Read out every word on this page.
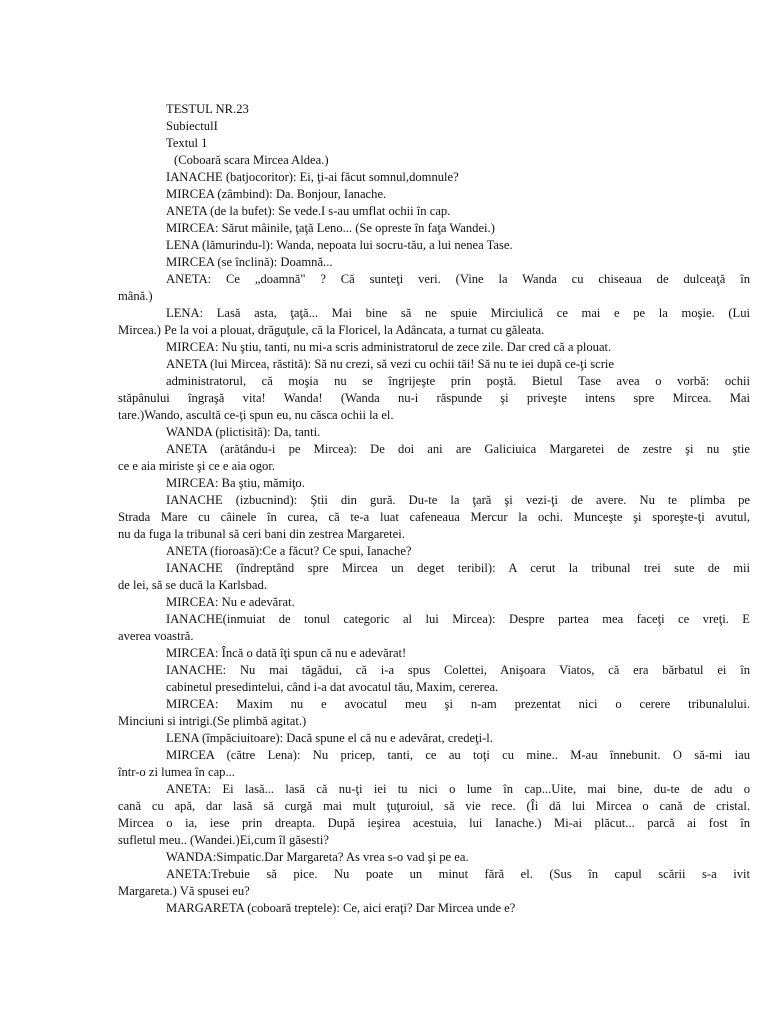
TESTUL NR.23
SubiectulI
Textul 1
(Coboară scara Mircea Aldea.)
IANACHE (batjocoritor): Ei, ţi-ai făcut somnul,domnule?
MIRCEA (zâmbind): Da. Bonjour, Ianache.
ANETA (de la bufet): Se vede.I s-au umflat ochii în cap.
MIRCEA: Sărut mâinile, ţaţă Leno... (Se opreste în faţa Wandei.)
LENA (lămurindu-l): Wanda, nepoata lui socru-tău, a lui nenea Tase.
MIRCEA (se înclină): Doamnă...
ANETA: Ce „doamnă" ? Că sunteţi veri. (Vine la Wanda cu chiseaua de dulceaţă în
mână.)
LENA: Lasă asta, ţaţă... Mai bine să ne spuie Mirciulică ce mai e pe la moşie. (Lui
Mircea.) Pe la voi a plouat, drăguţule, că la Floricel, la Adâncata, a turnat cu găleata.
MIRCEA: Nu ştiu, tanti, nu mi-a scris administratorul de zece zile. Dar cred că a plouat.
ANETA (lui Mircea, răstită): Să nu crezi, să vezi cu ochii tăi! Să nu te iei după ce-ţi scrie
administratorul, că moşia nu se îngrijeşte prin poştă. Bietul Tase avea o vorbă: ochii
stăpânului îngraşă vita! Wanda! (Wanda nu-i răspunde şi priveşte intens spre Mircea. Mai
tare.)Wando, ascultă ce-ţi spun eu, nu căsca ochii la el.
WANDA (plictisită): Da, tanti.
ANETA (arătându-i pe Mircea): De doi ani are Galiciuica Margaretei de zestre şi nu ştie
ce e aia miriste şi ce e aia ogor.
MIRCEA: Ba ştiu, mămiţo.
IANACHE (izbucnind): Ştii din gură. Du-te la ţară şi vezi-ţi de avere. Nu te plimba pe
Strada Mare cu câinele în curea, că te-a luat cafeneaua Mercur la ochi. Munceşte şi sporeşte-ţi avutul,
nu da fuga la tribunal să ceri bani din zestrea Margaretei.
ANETA (fioroasă):Ce a făcut? Ce spui, Ianache?
IANACHE (îndreptând spre Mircea un deget teribil): A cerut la tribunal trei sute de mii
de lei, să se ducă la Karlsbad.
MIRCEA: Nu e adevărat.
IANACHE(inmuiat de tonul categoric al lui Mircea): Despre partea mea faceţi ce vreţi. E
averea voastră.
MIRCEA: Încă o dată îţi spun că nu e adevărat!
IANACHE: Nu mai tăgădui, că i-a spus Colettei, Anişoara Viatos, că era bărbatul ei în
cabinetul presedintelui, când i-a dat avocatul tău, Maxim, cererea.
MIRCEA: Maxim nu e avocatul meu şi n-am prezentat nici o cerere tribunalului.
Minciuni si intrigi.(Se plimbă agitat.)
LENA (împăciuitoare): Dacă spune el că nu e adevărat, credeţi-l.
MIRCEA (către Lena): Nu pricep, tanti, ce au toţi cu mine.. M-au înnebunit. O să-mi iau
într-o zi lumea în cap...
ANETA: Ei lasă... lasă că nu-ţi iei tu nici o lume în cap...Uite, mai bine, du-te de adu o
cană cu apă, dar lasă să curgă mai mult ţuţuroiul, să vie rece. (Îi dă lui Mircea o cană de cristal.
Mircea o ia, iese prin dreapta. După ieşirea acestuia, lui Ianache.) Mi-ai plăcut... parcă ai fost în
sufletul meu.. (Wandei.)Ei,cum îl găsesti?
WANDA:Simpatic.Dar Margareta? As vrea s-o vad şi pe ea.
ANETA:Trebuie să pice. Nu poate un minut fără el. (Sus în capul scării s-a ivit
Margareta.) Vă spusei eu?
MARGARETA (coboară treptele): Ce, aici eraţi? Dar Mircea unde e?
